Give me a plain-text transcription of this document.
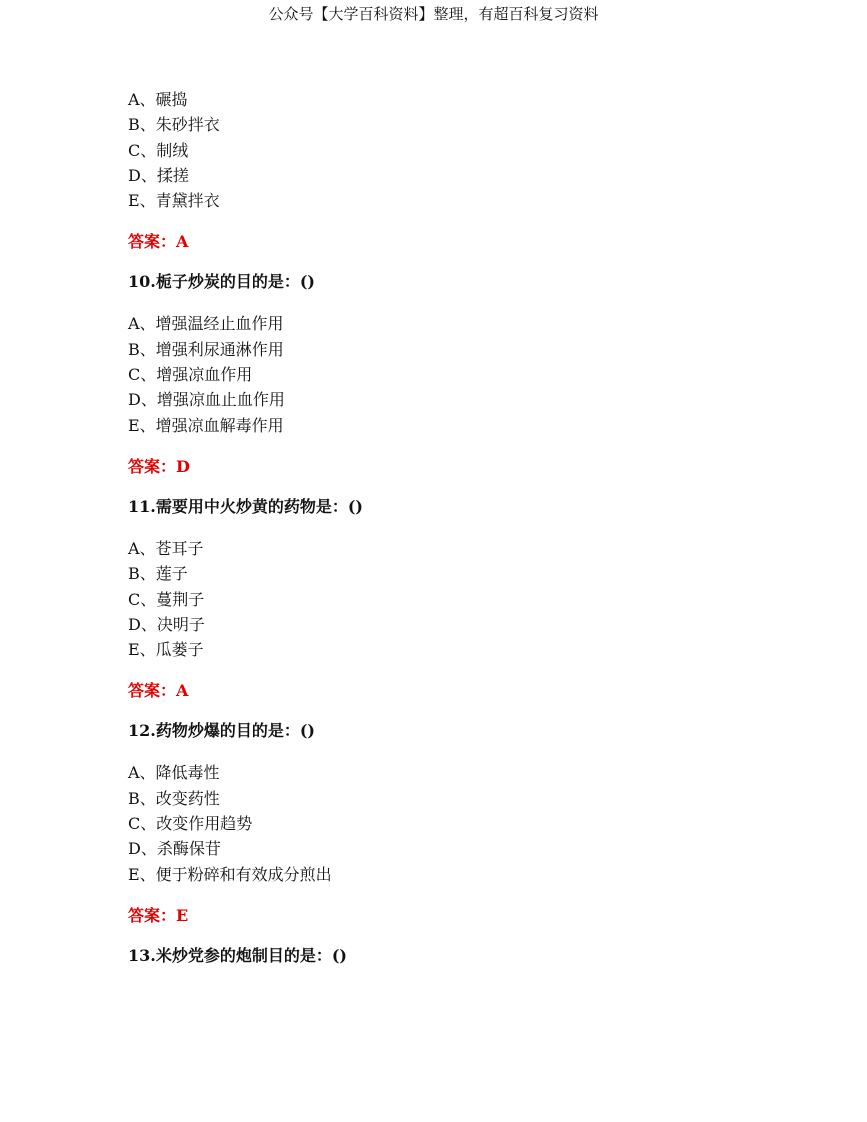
公众号【大学百科资料】整理，有超百科复习资料
A、碾捣
B、朱砂拌衣
C、制绒
D、揉搓
E、青黛拌衣
答案：A
10.栀子炒炭的目的是：()
A、增强温经止血作用
B、增强利尿通淋作用
C、增强凉血作用
D、增强凉血止血作用
E、增强凉血解毒作用
答案：D
11.需要用中火炒黄的药物是：()
A、苍耳子
B、莲子
C、蔓荆子
D、决明子
E、瓜蒌子
答案：A
12.药物炒爆的目的是：()
A、降低毒性
B、改变药性
C、改变作用趋势
D、杀酶保苷
E、便于粉碎和有效成分煎出
答案：E
13.米炒党参的炮制目的是：()
